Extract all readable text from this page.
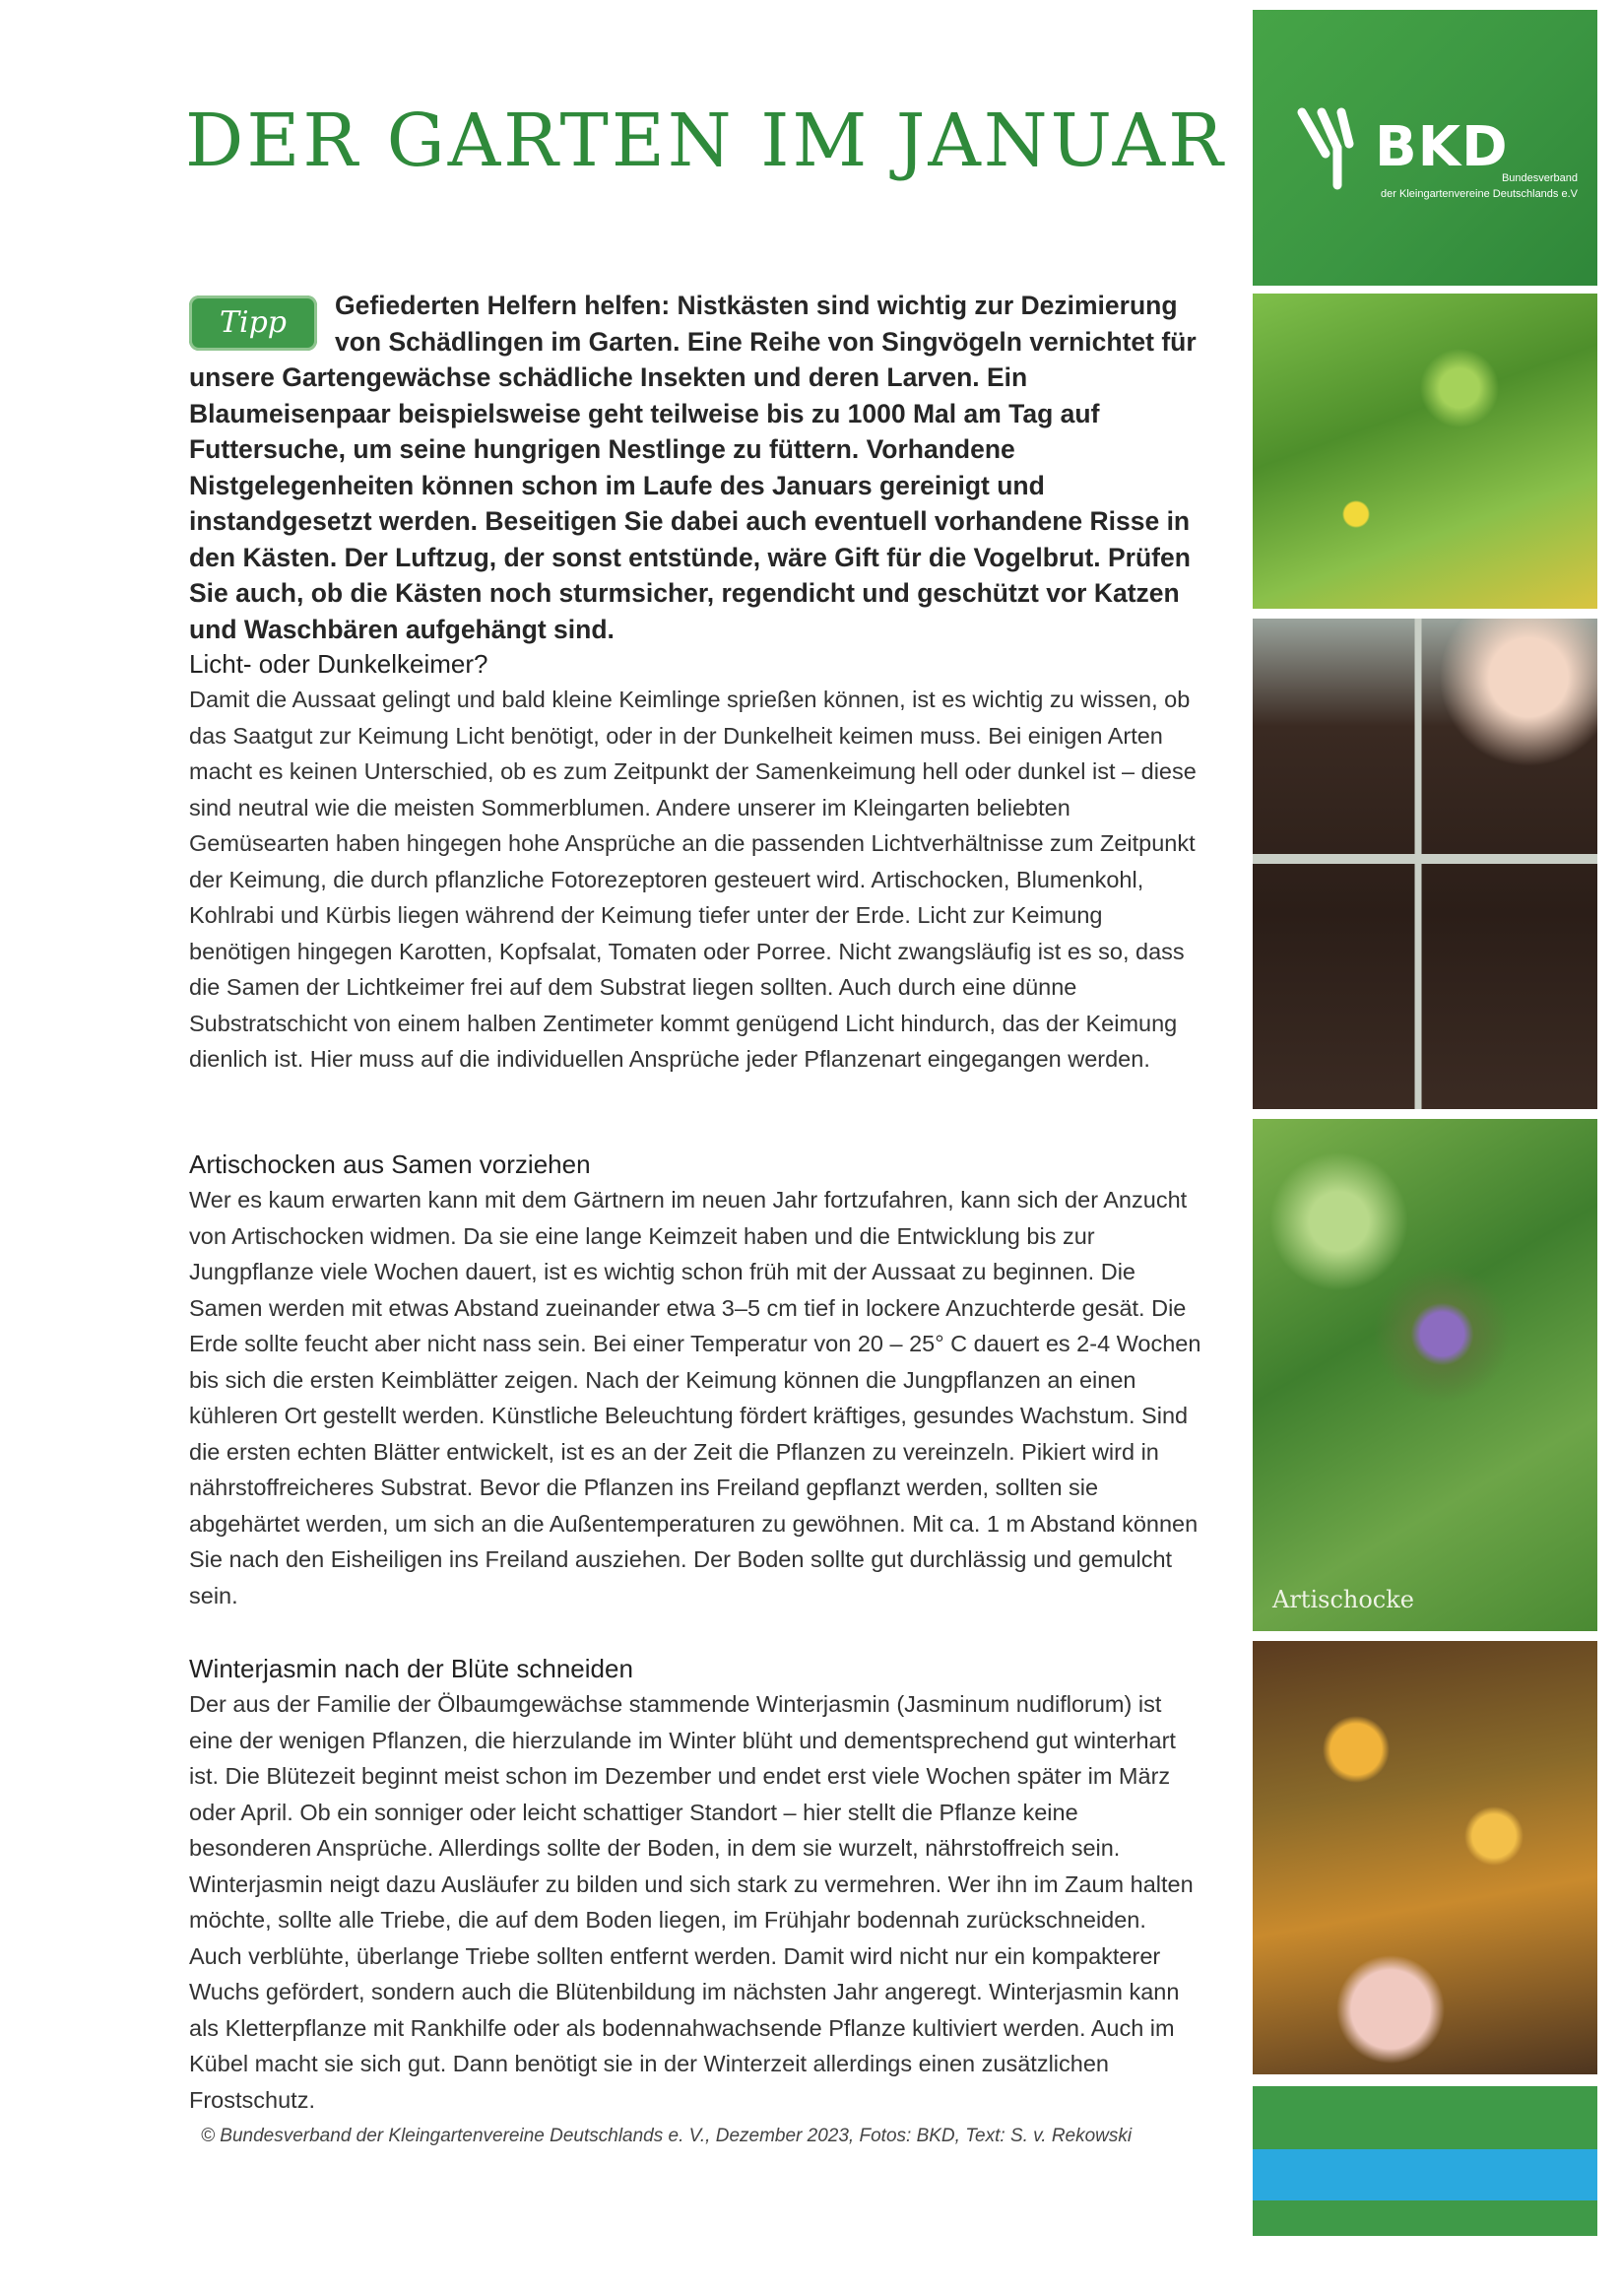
DER GARTEN IM JANUAR
Tipp	Gefiederten Helfern helfen: Nistkästen sind wichtig zur Dezimierung von Schädlingen im Garten. Eine Reihe von Singvögeln vernichtet für unsere Gartengewächse schädliche Insekten und deren Larven. Ein Blaumeisenpaar beispielsweise geht teilweise bis zu 1000 Mal am Tag auf Futtersuche, um seine hungrigen Nestlinge zu füttern. Vorhandene Nistgelegenheiten können schon im Laufe des Januars gereinigt und instandgesetzt werden. Beseitigen Sie dabei auch eventuell vorhandene Risse in den Kästen. Der Luftzug, der sonst entstünde, wäre Gift für die Vogelbrut. Prüfen Sie auch, ob die Kästen noch sturmsicher, regendicht und geschützt vor Katzen und Waschbären aufgehängt sind.

Licht- oder Dunkelkeimer?

Damit die Aussaat gelingt und bald kleine Keimlinge sprießen können, ist es wichtig zu wissen, ob das Saatgut zur Keimung Licht benötigt, oder in der Dunkelheit keimen muss. Bei einigen Arten macht es keinen Unterschied, ob es zum Zeitpunkt der Samenkeimung hell oder dunkel ist – diese sind neutral wie die meisten Sommerblumen. Andere unserer im Kleingarten beliebten Gemüsearten haben hingegen hohe Ansprüche an die passenden Lichtverhältnisse zum Zeitpunkt der Keimung, die durch pflanzliche Fotorezeptoren gesteuert wird. Artischocken, Blumenkohl, Kohlrabi und Kürbis liegen während der Keimung tiefer unter der Erde. Licht zur Keimung benötigen hingegen Karotten, Kopfsalat, Tomaten oder Porree. Nicht zwangsläufig ist es so, dass die Samen der Lichtkeimer frei auf dem Substrat liegen sollten. Auch durch eine dünne Substratschicht von einem halben Zentimeter kommt genügend Licht hindurch, das der Keimung dienlich ist. Hier muss auf die individuellen Ansprüche jeder Pflanzenart eingegangen werden.

Artischocken aus Samen vorziehen

Wer es kaum erwarten kann mit dem Gärtnern im neuen Jahr fortzufahren, kann sich der Anzucht von Artischocken widmen. Da sie eine lange Keimzeit haben und die Entwicklung bis zur Jungpflanze viele Wochen dauert, ist es wichtig schon früh mit der Aussaat zu beginnen. Die Samen werden mit etwas Abstand zueinander etwa 3–5 cm tief in lockere Anzuchterde gesät. Die Erde sollte feucht aber nicht nass sein. Bei einer Temperatur von 20 – 25° C dauert es 2-4 Wochen bis sich die ersten Keimblätter zeigen. Nach der Keimung können die Jungpflanzen an einen kühleren Ort gestellt werden. Künstliche Beleuchtung fördert kräftiges, gesundes Wachstum. Sind die ersten echten Blätter entwickelt, ist es an der Zeit die Pflanzen zu vereinzeln. Pikiert wird in nährstoffreicheres Substrat. Bevor die Pflanzen ins Freiland gepflanzt werden, sollten sie abgehärtet werden, um sich an die Außentemperaturen zu gewöhnen. Mit ca. 1 m Abstand können Sie nach den Eisheiligen ins Freiland ausziehen. Der Boden sollte gut durchlässig und gemulcht sein.

Winterjasmin nach der Blüte schneiden

Der aus der Familie der Ölbaumgewächse stammende Winterjasmin (Jasminum nudiflorum) ist eine der wenigen Pflanzen, die hierzulande im Winter blüht und dementsprechend gut winterhart ist. Die Blütezeit beginnt meist schon im Dezember und endet erst viele Wochen später im März oder April. Ob ein sonniger oder leicht schattiger Standort – hier stellt die Pflanze keine besonderen Ansprüche. Allerdings sollte der Boden, in dem sie wurzelt, nährstoffreich sein. Winterjasmin neigt dazu Ausläufer zu bilden und sich stark zu vermehren. Wer ihn im Zaum halten möchte, sollte alle Triebe, die auf dem Boden liegen, im Frühjahr bodennah zurückschneiden. Auch verblühte, überlange Triebe sollten entfernt werden. Damit wird nicht nur ein kompakterer Wuchs gefördert, sondern auch die Blütenbildung im nächsten Jahr angeregt. Winterjasmin kann als Kletterpflanze mit Rankhilfe oder als bodennahwachsende Pflanze kultiviert werden. Auch im Kübel macht sie sich gut. Dann benötigt sie in der Winterzeit allerdings einen zusätzlichen Frostschutz.

© Bundesverband der Kleingartenvereine Deutschlands e. V., Dezember 2023, Fotos: BKD, Text: S. v. Rekowski

BKD

Bundesverband

der Kleingartenvereine Deutschlands e.V

Artischocke
